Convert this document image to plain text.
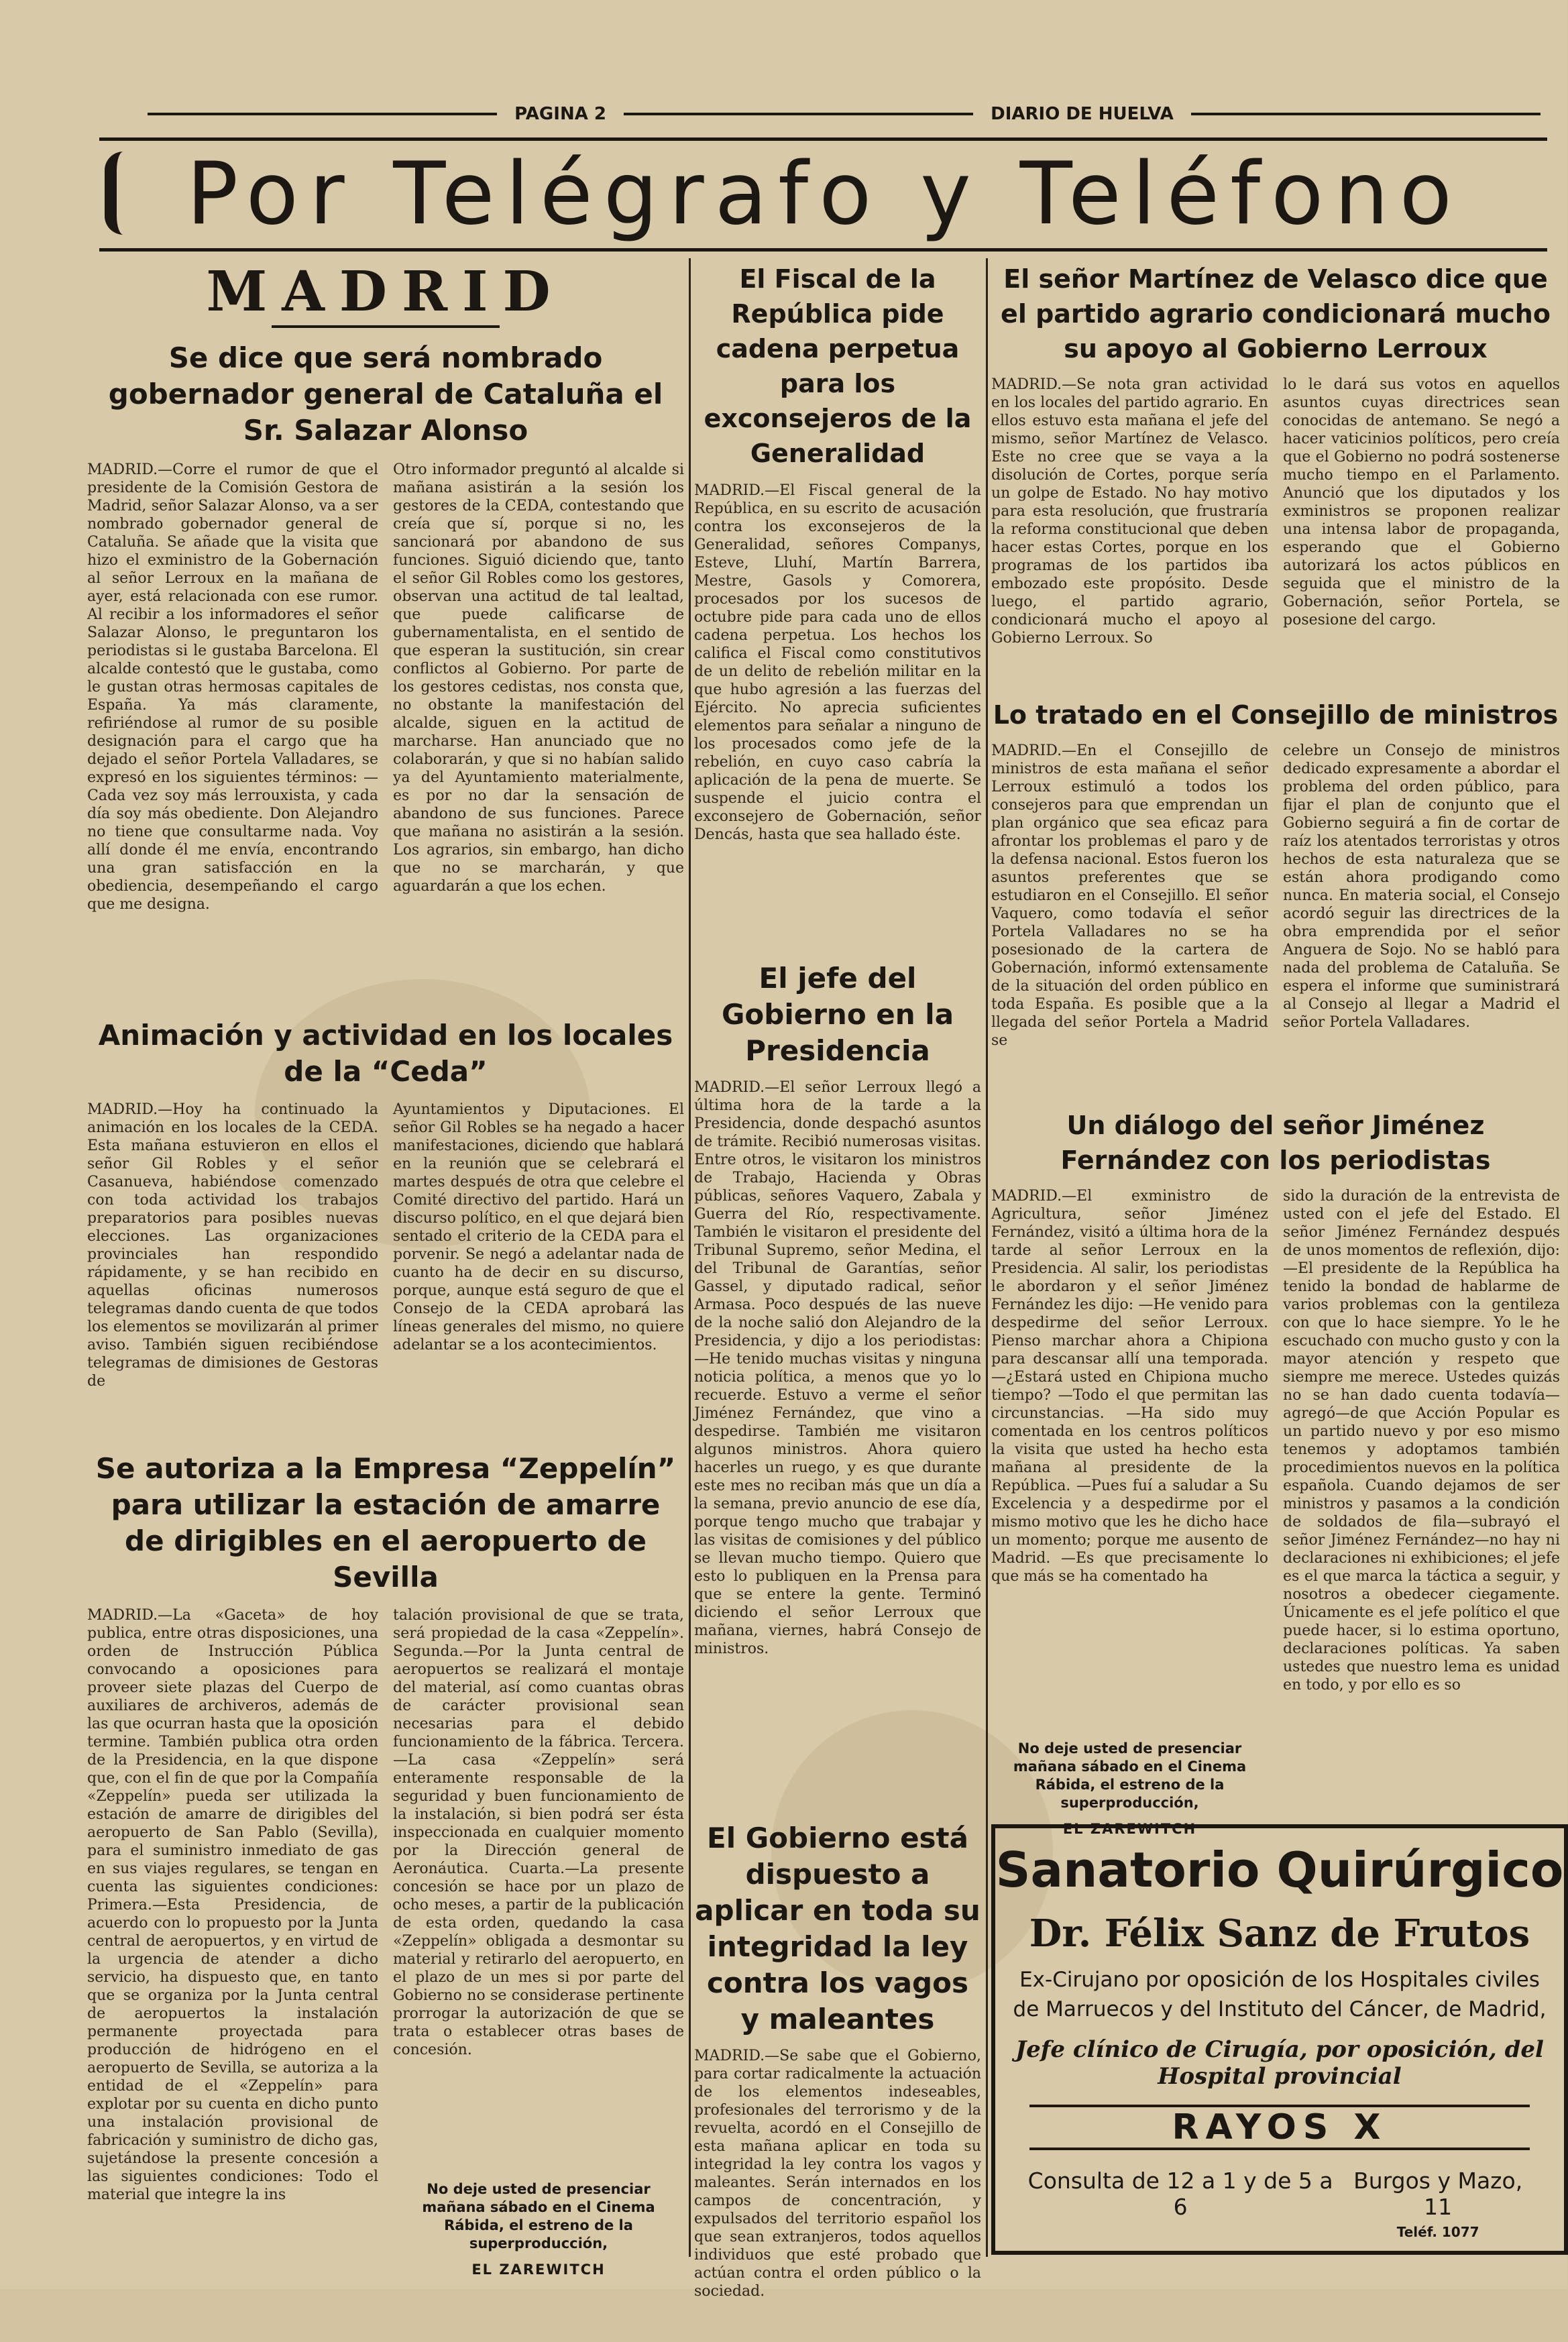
PAGINA 2	DIARIO DE HUELVA
Por Telégrafo y Teléfono
MADRID
Se dice que será nombrado gobernador general de Cataluña el Sr. Salazar Alonso

MADRID.—Corre el rumor de que el presidente de la Comisión Gestora de Madrid, señor Salazar Alonso, va a ser nombrado gobernador general de Cataluña. Se añade que la visita que hizo el exministro de la Gobernación al señor Lerroux en la mañana de ayer, está relacionada con ese rumor. Al recibir a los informadores el señor Salazar Alonso, le preguntaron los periodistas si le gustaba Barcelona. El alcalde contestó que le gustaba, como le gustan otras hermosas capitales de España. Ya más claramente, refiriéndose al rumor de su posible designación para el cargo que ha dejado el señor Portela Valladares, se expresó en los siguientes términos: —Cada vez soy más lerrouxista, y cada día soy más obediente. Don Alejandro no tiene que consultarme nada. Voy allí donde él me envía, encontrando una gran satisfacción en la obediencia, desempeñando el cargo que me designa.

Otro informador preguntó al alcalde si mañana asistirán a la sesión los gestores de la CEDA, contestando que creía que sí, porque si no, les sancionará por abandono de sus funciones. Siguió diciendo que, tanto el señor Gil Robles como los gestores, observan una actitud de tal lealtad, que puede calificarse de gubernamentalista, en el sentido de que esperan la sustitución, sin crear conflictos al Gobierno. Por parte de los gestores cedistas, nos consta que, no obstante la manifestación del alcalde, siguen en la actitud de marcharse. Han anunciado que no colaborarán, y que si no habían salido ya del Ayuntamiento materialmente, es por no dar la sensación de abandono de sus funciones. Parece que mañana no asistirán a la sesión. Los agrarios, sin embargo, han dicho que no se marcharán, y que aguardarán a que los echen.

Animación y actividad en los locales de la “Ceda”

MADRID.—Hoy ha continuado la animación en los locales de la CEDA. Esta mañana estuvieron en ellos el señor Gil Robles y el señor Casanueva, habiéndose comenzado con toda actividad los trabajos preparatorios para posibles nuevas elecciones. Las organizaciones provinciales han respondido rápidamente, y se han recibido en aquellas oficinas numerosos telegramas dando cuenta de que todos los elementos se movilizarán al primer aviso. También siguen recibiéndose telegramas de dimisiones de Gestoras de

Ayuntamientos y Diputaciones. El señor Gil Robles se ha negado a hacer manifestaciones, diciendo que hablará en la reunión que se celebrará el martes después de otra que celebre el Comité directivo del partido. Hará un discurso político, en el que dejará bien sentado el criterio de la CEDA para el porvenir. Se negó a adelantar nada de cuanto ha de decir en su discurso, porque, aunque está seguro de que el Consejo de la CEDA aprobará las líneas generales del mismo, no quiere adelantar se a los acontecimientos.

Se autoriza a la Empresa “Zeppelín” para utilizar la estación de amarre de dirigibles en el aeropuerto de Sevilla

MADRID.—La «Gaceta» de hoy publica, entre otras disposiciones, una orden de Instrucción Pública convocando a oposiciones para proveer siete plazas del Cuerpo de auxiliares de archiveros, además de las que ocurran hasta que la oposición termine. También publica otra orden de la Presidencia, en la que dispone que, con el fin de que por la Compañía «Zeppelín» pueda ser utilizada la estación de amarre de dirigibles del aeropuerto de San Pablo (Sevilla), para el suministro inmediato de gas en sus viajes regulares, se tengan en cuenta las siguientes condiciones: Primera.—Esta Presidencia, de acuerdo con lo propuesto por la Junta central de aeropuertos, y en virtud de la urgencia de atender a dicho servicio, ha dispuesto que, en tanto que se organiza por la Junta central de aeropuertos la instalación permanente proyectada para producción de hidrógeno en el aeropuerto de Sevilla, se autoriza a la entidad de el «Zeppelín» para explotar por su cuenta en dicho punto una instalación provisional de fabricación y suministro de dicho gas, sujetándose la presente concesión a las siguientes condiciones: Todo el material que integre la ins

talación provisional de que se trata, será propiedad de la casa «Zeppelín». Segunda.—Por la Junta central de aeropuertos se realizará el montaje del material, así como cuantas obras de carácter provisional sean necesarias para el debido funcionamiento de la fábrica. Tercera.—La casa «Zeppelín» será enteramente responsable de la seguridad y buen funcionamiento de la instalación, si bien podrá ser ésta inspeccionada en cualquier momento por la Dirección general de Aeronáutica. Cuarta.—La presente concesión se hace por un plazo de ocho meses, a partir de la publicación de esta orden, quedando la casa «Zeppelín» obligada a desmontar su material y retirarlo del aeropuerto, en el plazo de un mes si por parte del Gobierno no se considerase pertinente prorrogar la autorización de que se trata o establecer otras bases de concesión.

No deje usted de presenciar mañana sábado en el Cinema Rábida, el estreno de la superproducción,
EL ZAREWITCH
El Fiscal de la República pide cadena perpetua para los exconsejeros de la Generalidad

MADRID.—El Fiscal general de la República, en su escrito de acusación contra los exconsejeros de la Generalidad, señores Companys, Esteve, Lluhí, Martín Barrera, Mestre, Gasols y Comorera, procesados por los sucesos de octubre pide para cada uno de ellos cadena perpetua. Los hechos los califica el Fiscal como constitutivos de un delito de rebelión militar en la que hubo agresión a las fuerzas del Ejército. No aprecia suficientes elementos para señalar a ninguno de los procesados como jefe de la rebelión, en cuyo caso cabría la aplicación de la pena de muerte. Se suspende el juicio contra el exconsejero de Gobernación, señor Dencás, hasta que sea hallado éste.

El jefe del Gobierno en la Presidencia

MADRID.—El señor Lerroux llegó a última hora de la tarde a la Presidencia, donde despachó asuntos de trámite. Recibió numerosas visitas. Entre otros, le visitaron los ministros de Trabajo, Hacienda y Obras públicas, señores Vaquero, Zabala y Guerra del Río, respectivamente. También le visitaron el presidente del Tribunal Supremo, señor Medina, el del Tribunal de Garantías, señor Gassel, y diputado radical, señor Armasa. Poco después de las nueve de la noche salió don Alejandro de la Presidencia, y dijo a los periodistas: —He tenido muchas visitas y ninguna noticia política, a menos que yo lo recuerde. Estuvo a verme el señor Jiménez Fernández, que vino a despedirse. También me visitaron algunos ministros. Ahora quiero hacerles un ruego, y es que durante este mes no reciban más que un día a la semana, previo anuncio de ese día, porque tengo mucho que trabajar y las visitas de comisiones y del público se llevan mucho tiempo. Quiero que esto lo publiquen en la Prensa para que se entere la gente. Terminó diciendo el señor Lerroux que mañana, viernes, habrá Consejo de ministros.

El Gobierno está dispuesto a aplicar en toda su integridad la ley contra los vagos y maleantes

MADRID.—Se sabe que el Gobierno, para cortar radicalmente la actuación de los elementos indeseables, profesionales del terrorismo y de la revuelta, acordó en el Consejillo de esta mañana aplicar en toda su integridad la ley contra los vagos y maleantes. Serán internados en los campos de concentración, y expulsados del territorio español los que sean extranjeros, todos aquellos individuos que esté probado que actúan contra el orden público o la sociedad.

El señor Martínez de Velasco dice que el partido agrario condicionará mucho su apoyo al Gobierno Lerroux

MADRID.—Se nota gran actividad en los locales del partido agrario. En ellos estuvo esta mañana el jefe del mismo, señor Martínez de Velasco. Este no cree que se vaya a la disolución de Cortes, porque sería un golpe de Estado. No hay motivo para esta resolución, que frustraría la reforma constitucional que deben hacer estas Cortes, porque en los programas de los partidos iba embozado este propósito. Desde luego, el partido agrario, condicionará mucho el apoyo al Gobierno Lerroux. So

lo le dará sus votos en aquellos asuntos cuyas directrices sean conocidas de antemano. Se negó a hacer vaticinios políticos, pero creía que el Gobierno no podrá sostenerse mucho tiempo en el Parlamento. Anunció que los diputados y los exministros se proponen realizar una intensa labor de propaganda, esperando que el Gobierno autorizará los actos públicos en seguida que el ministro de la Gobernación, señor Portela, se posesione del cargo.

Lo tratado en el Consejillo de ministros

MADRID.—En el Consejillo de ministros de esta mañana el señor Lerroux estimuló a todos los consejeros para que emprendan un plan orgánico que sea eficaz para afrontar los problemas el paro y de la defensa nacional. Estos fueron los asuntos preferentes que se estudiaron en el Consejillo. El señor Vaquero, como todavía el señor Portela Valladares no se ha posesionado de la cartera de Gobernación, informó extensamente de la situación del orden público en toda España. Es posible que a la llegada del señor Portela a Madrid se

celebre un Consejo de ministros dedicado expresamente a abordar el problema del orden público, para fijar el plan de conjunto que el Gobierno seguirá a fin de cortar de raíz los atentados terroristas y otros hechos de esta naturaleza que se están ahora prodigando como nunca. En materia social, el Consejo acordó seguir las directrices de la obra emprendida por el señor Anguera de Sojo. No se habló para nada del problema de Cataluña. Se espera el informe que suministrará al Consejo al llegar a Madrid el señor Portela Valladares.

Un diálogo del señor Jiménez Fernández con los periodistas

MADRID.—El exministro de Agricultura, señor Jiménez Fernández, visitó a última hora de la tarde al señor Lerroux en la Presidencia. Al salir, los periodistas le abordaron y el señor Jiménez Fernández les dijo: —He venido para despedirme del señor Lerroux. Pienso marchar ahora a Chipiona para descansar allí una temporada. —¿Estará usted en Chipiona mucho tiempo? —Todo el que permitan las circunstancias. —Ha sido muy comentada en los centros políticos la visita que usted ha hecho esta mañana al presidente de la República. —Pues fuí a saludar a Su Excelencia y a despedirme por el mismo motivo que les he dicho hace un momento; porque me ausento de Madrid. —Es que precisamente lo que más se ha comentado ha

No deje usted de presenciar mañana sábado en el Cinema Rábida, el estreno de la superproducción,
EL ZAREWITCH

sido la duración de la entrevista de usted con el jefe del Estado. El señor Jiménez Fernández después de unos momentos de reflexión, dijo: —El presidente de la República ha tenido la bondad de hablarme de varios problemas con la gentileza con que lo hace siempre. Yo le he escuchado con mucho gusto y con la mayor atención y respeto que siempre me merece. Ustedes quizás no se han dado cuenta todavía—agregó—de que Acción Popular es un partido nuevo y por eso mismo tenemos y adoptamos también procedimientos nuevos en la política española. Cuando dejamos de ser ministros y pasamos a la condición de soldados de fila—subrayó el señor Jiménez Fernández—no hay ni declaraciones ni exhibiciones; el jefe es el que marca la táctica a seguir, y nosotros a obedecer ciegamente. Únicamente es el jefe político el que puede hacer, si lo estima oportuno, declaraciones políticas. Ya saben ustedes que nuestro lema es unidad en todo, y por ello es so

Sanatorio Quirúrgico
Dr. Félix Sanz de Frutos
Ex-Cirujano por oposición de los Hospitales civiles
de Marruecos y del Instituto del Cáncer, de Madrid,
Jefe clínico de Cirugía, por oposición, del Hospital provincial
RAYOS X
Consulta de 12 a 1 y de 5 a 6
Burgos y Mazo, 11
Teléf. 1077
